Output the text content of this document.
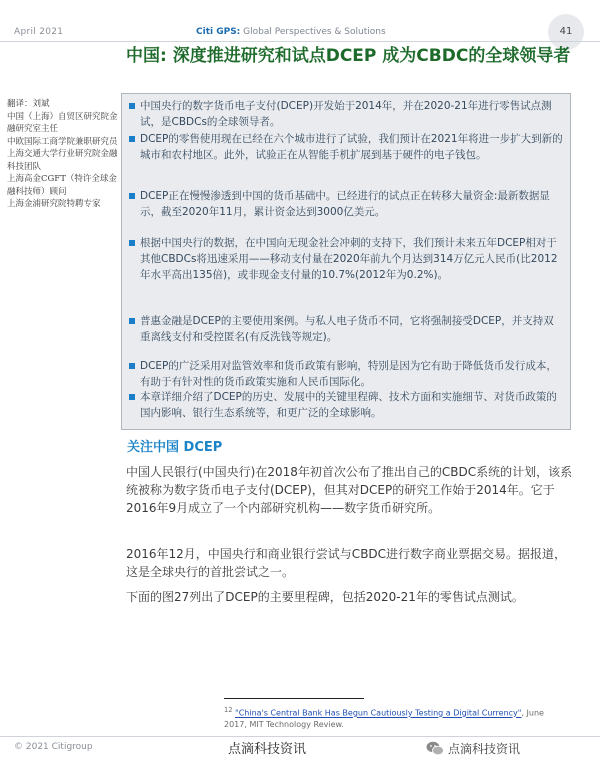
April 2021	Citi GPS: Global Perspectives & Solutions	41
中国: 深度推进研究和试点DCEP 成为CBDC的全球领导者
翻译：刘斌
中国（上海）自贸区研究院金融研究室主任
中欧国际工商学院兼职研究员
上海交通大学行业研究院金融科技团队
上海高金CGFT（特许全球金融科技师）顾问
上海金浦研究院特聘专家
中国央行的数字货币电子支付(DCEP)开发始于2014年，并在2020-21年进行零售试点测试，是CBDCs的全球领导者。
DCEP的零售使用现在已经在六个城市进行了试验，我们预计在2021年将进一步扩大到新的城市和农村地区。此外，试验正在从智能手机扩展到基于硬件的电子钱包。
DCEP正在慢慢渗透到中国的货币基础中。已经进行的试点正在转移大量资金:最新数据显示，截至2020年11月，累计资金达到3000亿美元。
根据中国央行的数据，在中国向无现金社会冲刺的支持下，我们预计未来五年DCEP相对于其他CBDCs将迅速采用——移动支付量在2020年前九个月达到314万亿元人民币(比2012年水平高出135倍)，或非现金支付量的10.7%(2012年为0.2%)。
普惠金融是DCEP的主要使用案例。与私人电子货币不同，它将强制接受DCEP，并支持双重离线支付和受控匿名(有反洗钱等规定)。
DCEP的广泛采用对监管效率和货币政策有影响，特别是因为它有助于降低货币发行成本，有助于有针对性的货币政策实施和人民币国际化。
本章详细介绍了DCEP的历史、发展中的关键里程碑、技术方面和实施细节、对货币政策的国内影响、银行生态系统等，和更广泛的全球影响。
关注中国 DCEP

中国人民银行(中国央行)在2018年初首次公布了推出自己的CBDC系统的计划，该系统被称为数字货币电子支付(DCEP)，但其对DCEP的研究工作始于2014年。它于2016年9月成立了一个内部研究机构——数字货币研究所。

2016年12月，中国央行和商业银行尝试与CBDC进行数字商业票据交易。据报道，这是全球央行的首批尝试之一。

下面的图27列出了DCEP的主要里程碑，包括2020-21年的零售试点测试。

$^{12}$ "China's Central Bank Has Begun Cautiously Testing a Digital Currency", June 2017, MIT Technology Review.
© 2021 Citigroup	点滴科技资讯	点滴科技资讯
